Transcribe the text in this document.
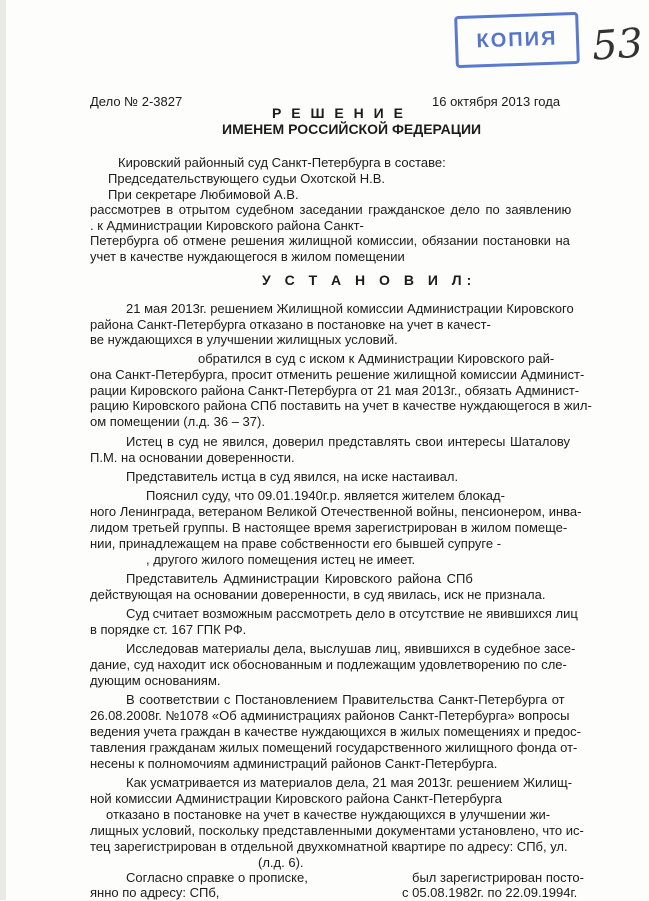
КОПИЯ 53
Дело № 2-3827	16 октября 2013 года
Р Е Ш Е Н И Е
ИМЕНЕМ РОССИЙСКОЙ ФЕДЕРАЦИИ
Кировский районный суд Санкт-Петербурга в составе:
Председательствующего судьи Охотской Н.В.
При секретаре Любимовой А.В.
рассмотрев в отрытом судебном заседании гражданское дело по заявлению
. к Администрации Кировского района Санкт-
Петербурга об отмене решения жилищной комиссии, обязании постановки на
учет в качестве нуждающегося в жилом помещении
У С Т А Н О В И Л:
21 мая 2013г. решением Жилищной комиссии Администрации Кировского
района Санкт-Петербурга отказано в постановке на учет в качест-
ве нуждающихся в улучшении жилищных условий.
обратился в суд с иском к Администрации Кировского рай-
она Санкт-Петербурга, просит отменить решение жилищной комиссии Админист-
рации Кировского района Санкт-Петербурга от 21 мая 2013г., обязать Админист-
рацию Кировского района СПб поставить на учет в качестве нуждающегося в жил-
ом помещении (л.д. 36 – 37).
Истец в суд не явился, доверил представлять свои интересы Шаталову
П.М. на основании доверенности.
Представитель истца в суд явился, на иске настаивал.
Пояснил суду, что 09.01.1940г.р. является жителем блокад-
ного Ленинграда, ветераном Великой Отечественной войны, пенсионером, инва-
лидом третьей группы. В настоящее время зарегистрирован в жилом помеще-
нии, принадлежащем на праве собственности его бывшей супруге -
, другого жилого помещения истец не имеет.
Представитель Администрации Кировского района СПб
действующая на основании доверенности, в суд явилась, иск не признала.
Суд считает возможным рассмотреть дело в отсутствие не явившихся лиц
в порядке ст. 167 ГПК РФ.
Исследовав материалы дела, выслушав лиц, явившихся в судебное засе-
дание, суд находит иск обоснованным и подлежащим удовлетворению по сле-
дующим основаниям.
В соответствии с Постановлением Правительства Санкт-Петербурга от
26.08.2008г. №1078 «Об администрациях районов Санкт-Петербурга» вопросы
ведения учета граждан в качестве нуждающихся в жилых помещениях и предос-
тавления гражданам жилых помещений государственного жилищного фонда от-
несены к полномочиям администраций районов Санкт-Петербурга.
Как усматривается из материалов дела, 21 мая 2013г. решением Жилищ-
ной комиссии Администрации Кировского района Санкт-Петербурга
отказано в постановке на учет в качестве нуждающихся в улучшении жи-
лищных условий, поскольку представленными документами установлено, что ис-
тец зарегистрирован в отдельной двухкомнатной квартире по адресу: СПб, ул.
(л.д. 6).
Согласно справке о прописке,	был зарегистрирован посто-
янно по адресу: СПб,	с 05.08.1982г. по 22.09.1994г.
